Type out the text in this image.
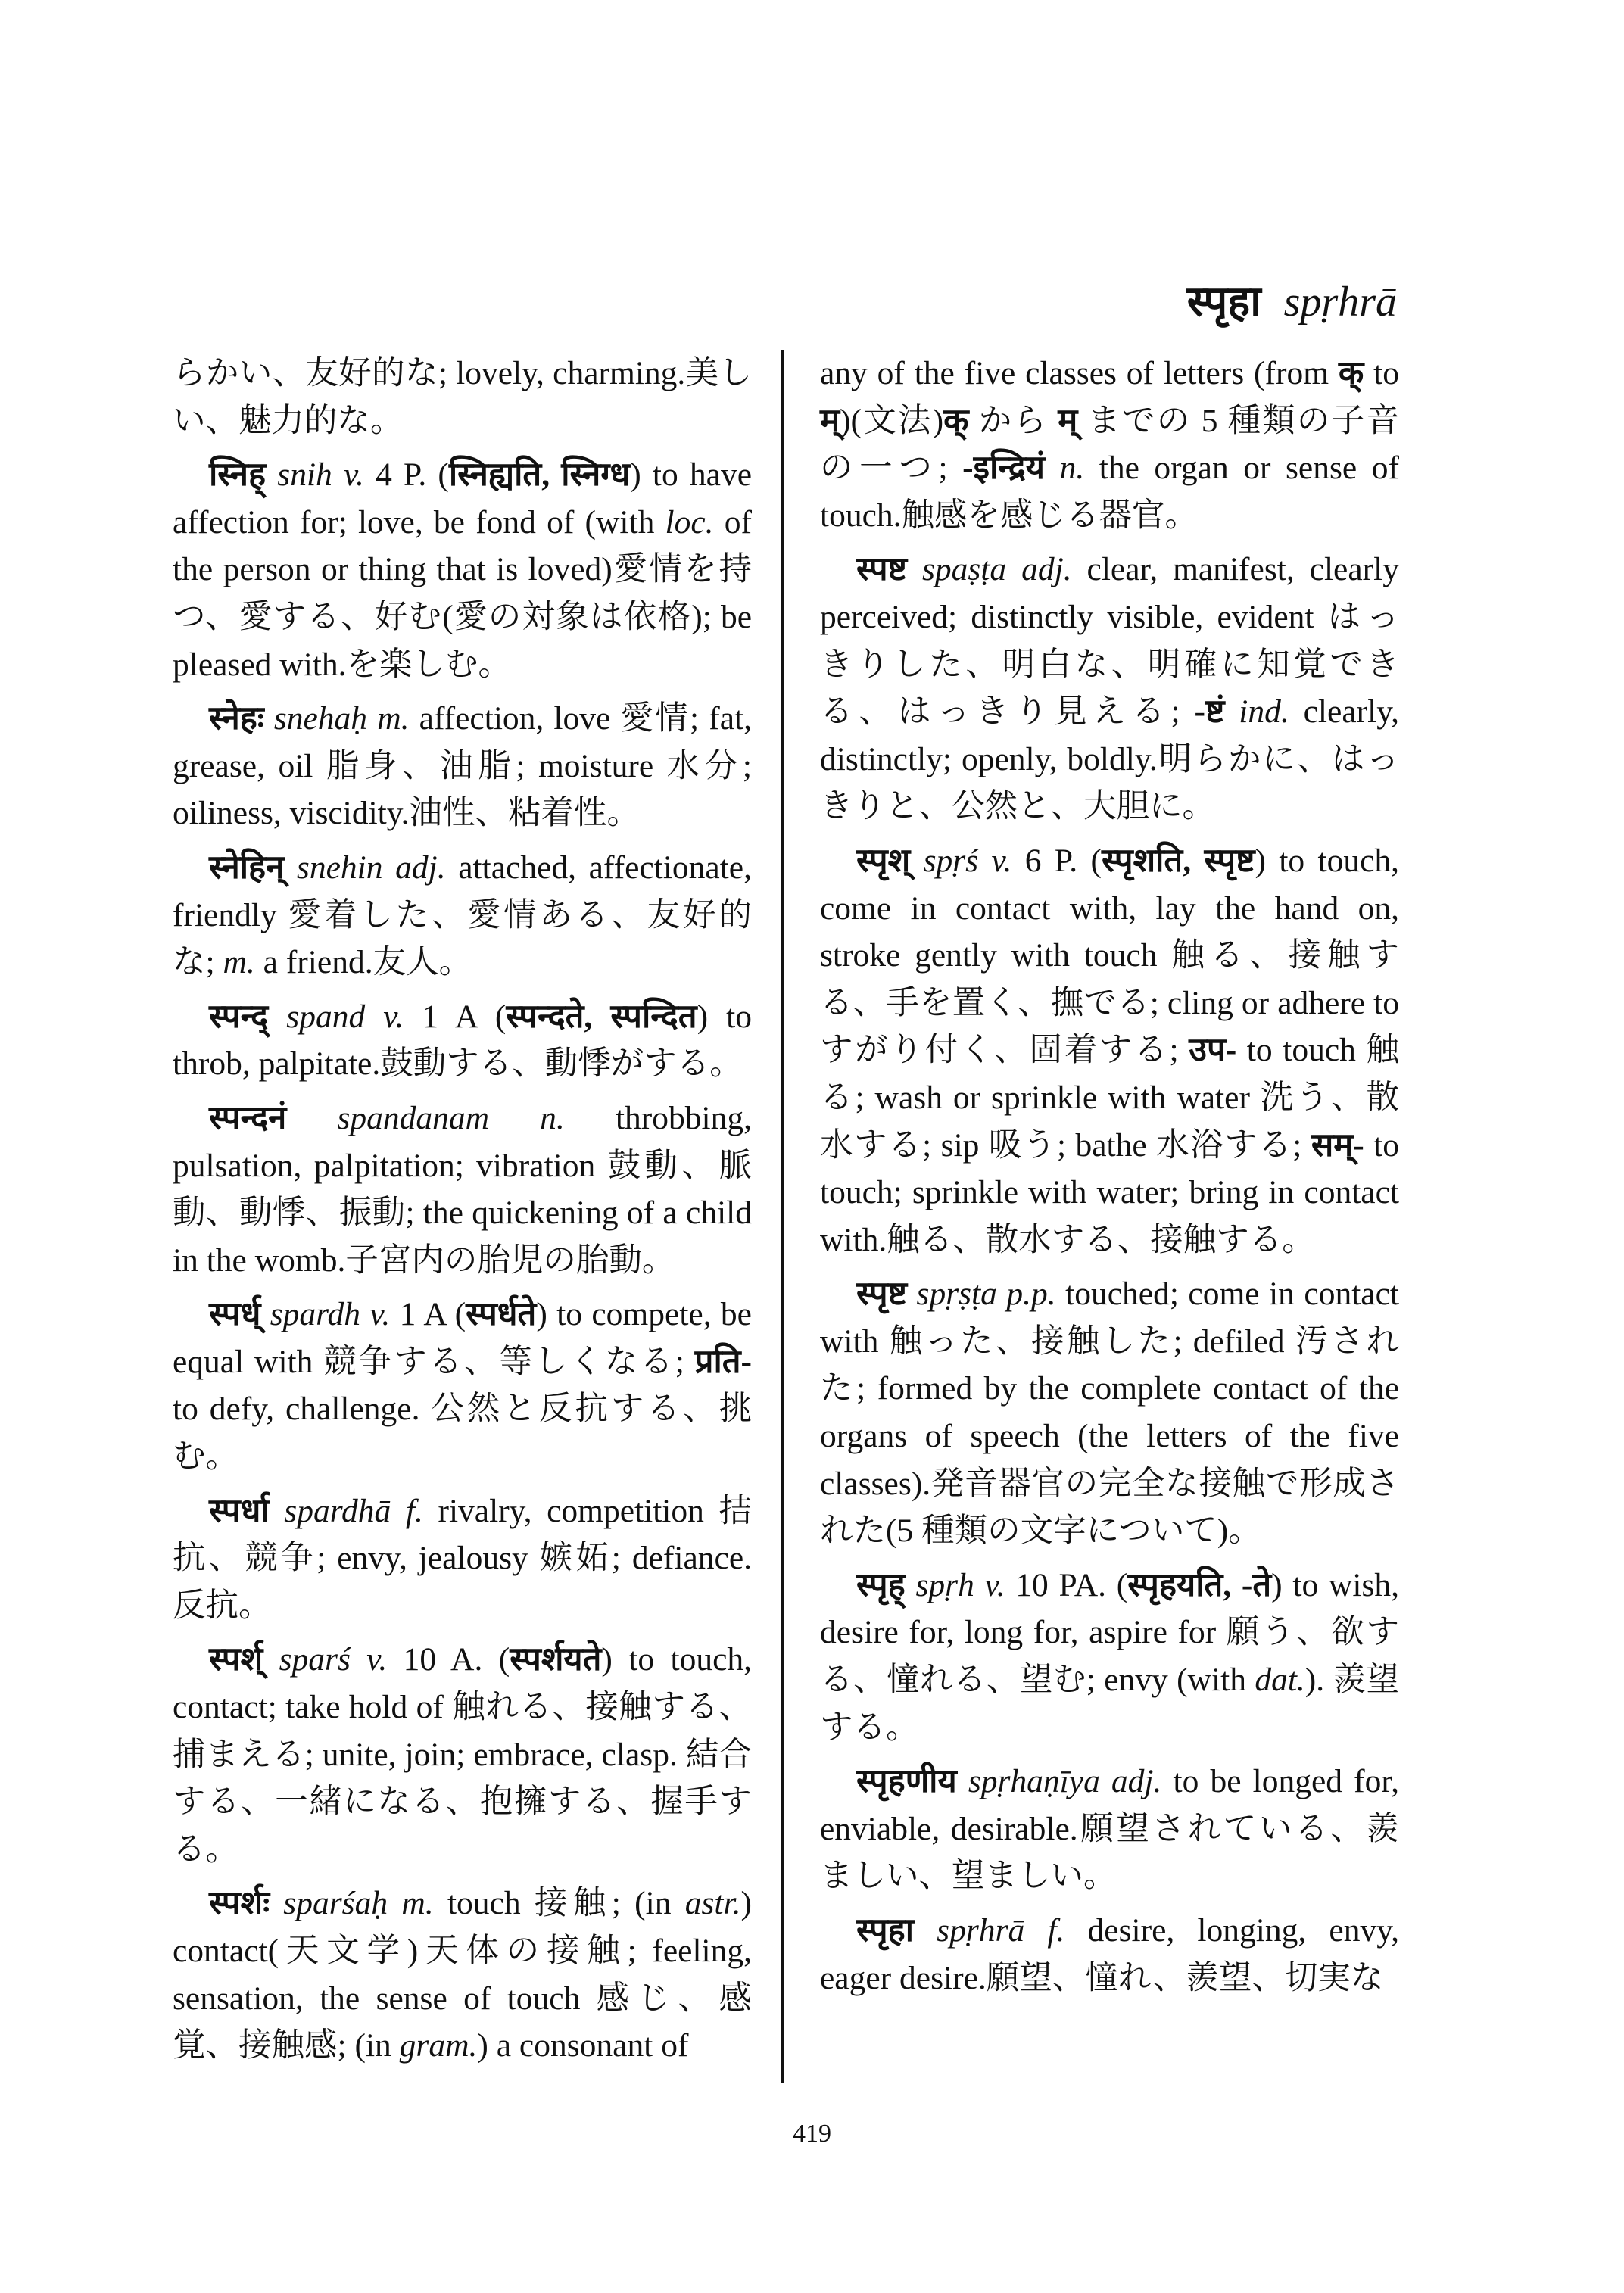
स्पृहा spṛhrā

らかい、友好的な; lovely, charming.美しい、魅力的な。

स्निह् snih v. 4 P. (स्निह्यति, स्निग्ध) to have affection for; love, be fond of (with loc. of the person or thing that is loved)愛情を持つ、愛する、好む(愛の対象は依格); be pleased with.を楽しむ。

स्नेहः snehaḥ m. affection, love 愛情; fat, grease, oil 脂身、油脂; moisture 水分; oiliness, viscidity.油性、粘着性。

स्नेहिन् snehin adj. attached, affectionate, friendly 愛着した、愛情ある、友好的な; m. a friend.友人。

स्पन्द् spand v. 1 A (स्पन्दते, स्पन्दित) to throb, palpitate.鼓動する、動悸がする。

स्पन्दनं spandanam n. throbbing, pulsation, palpitation; vibration 鼓動、脈動、動悸、振動; the quickening of a child in the womb.子宮内の胎児の胎動。

स्पर्ध् spardh v. 1 A (स्पर्धते) to compete, be equal with 競争する、等しくなる; प्रति- to defy, challenge. 公然と反抗する、挑む。

स्पर्धा spardhā f. rivalry, competition 拮抗、競争; envy, jealousy 嫉妬; defiance.反抗。

स्पर्श् sparś v. 10 A. (स्पर्शयते) to touch, contact; take hold of 触れる、接触する、捕まえる; unite, join; embrace, clasp. 結合する、一緒になる、抱擁する、握手する。

स्पर्शः sparśaḥ m. touch 接触; (in astr.) contact(天文学)天体の接触; feeling, sensation, the sense of touch 感じ、感覚、接触感; (in gram.) a consonant of

any of the five classes of letters (from क् to म्)(文法)क् から म् までの 5 種類の子音の一つ; -इन्द्रियं n. the organ or sense of touch.触感を感じる器官。

स्पष्ट spaṣṭa adj. clear, manifest, clearly perceived; distinctly visible, evident はっきりした、明白な、明確に知覚できる、はっきり見える; -ष्टं ind. clearly, distinctly; openly, boldly.明らかに、はっきりと、公然と、大胆に。

स्पृश् spṛś v. 6 P. (स्पृशति, स्पृष्ट) to touch, come in contact with, lay the hand on, stroke gently with touch 触る、接触する、手を置く、撫でる; cling or adhere to すがり付く、固着する; उप- to touch 触る; wash or sprinkle with water 洗う、散水する; sip 吸う; bathe 水浴する; सम्- to touch; sprinkle with water; bring in contact with.触る、散水する、接触する。

स्पृष्ट spṛṣṭa p.p. touched; come in contact with 触った、接触した; defiled 汚された; formed by the complete contact of the organs of speech (the letters of the five classes).発音器官の完全な接触で形成された(5 種類の文字について)。

स्पृह् spṛh v. 10 PA. (स्पृहयति, -ते) to wish, desire for, long for, aspire for 願う、欲する、憧れる、望む; envy (with dat.). 羨望する。

स्पृहणीय spṛhaṇīya adj. to be longed for, enviable, desirable.願望されている、羨ましい、望ましい。

स्पृहा spṛhrā f. desire, longing, envy, eager desire.願望、憧れ、羨望、切実な

419
